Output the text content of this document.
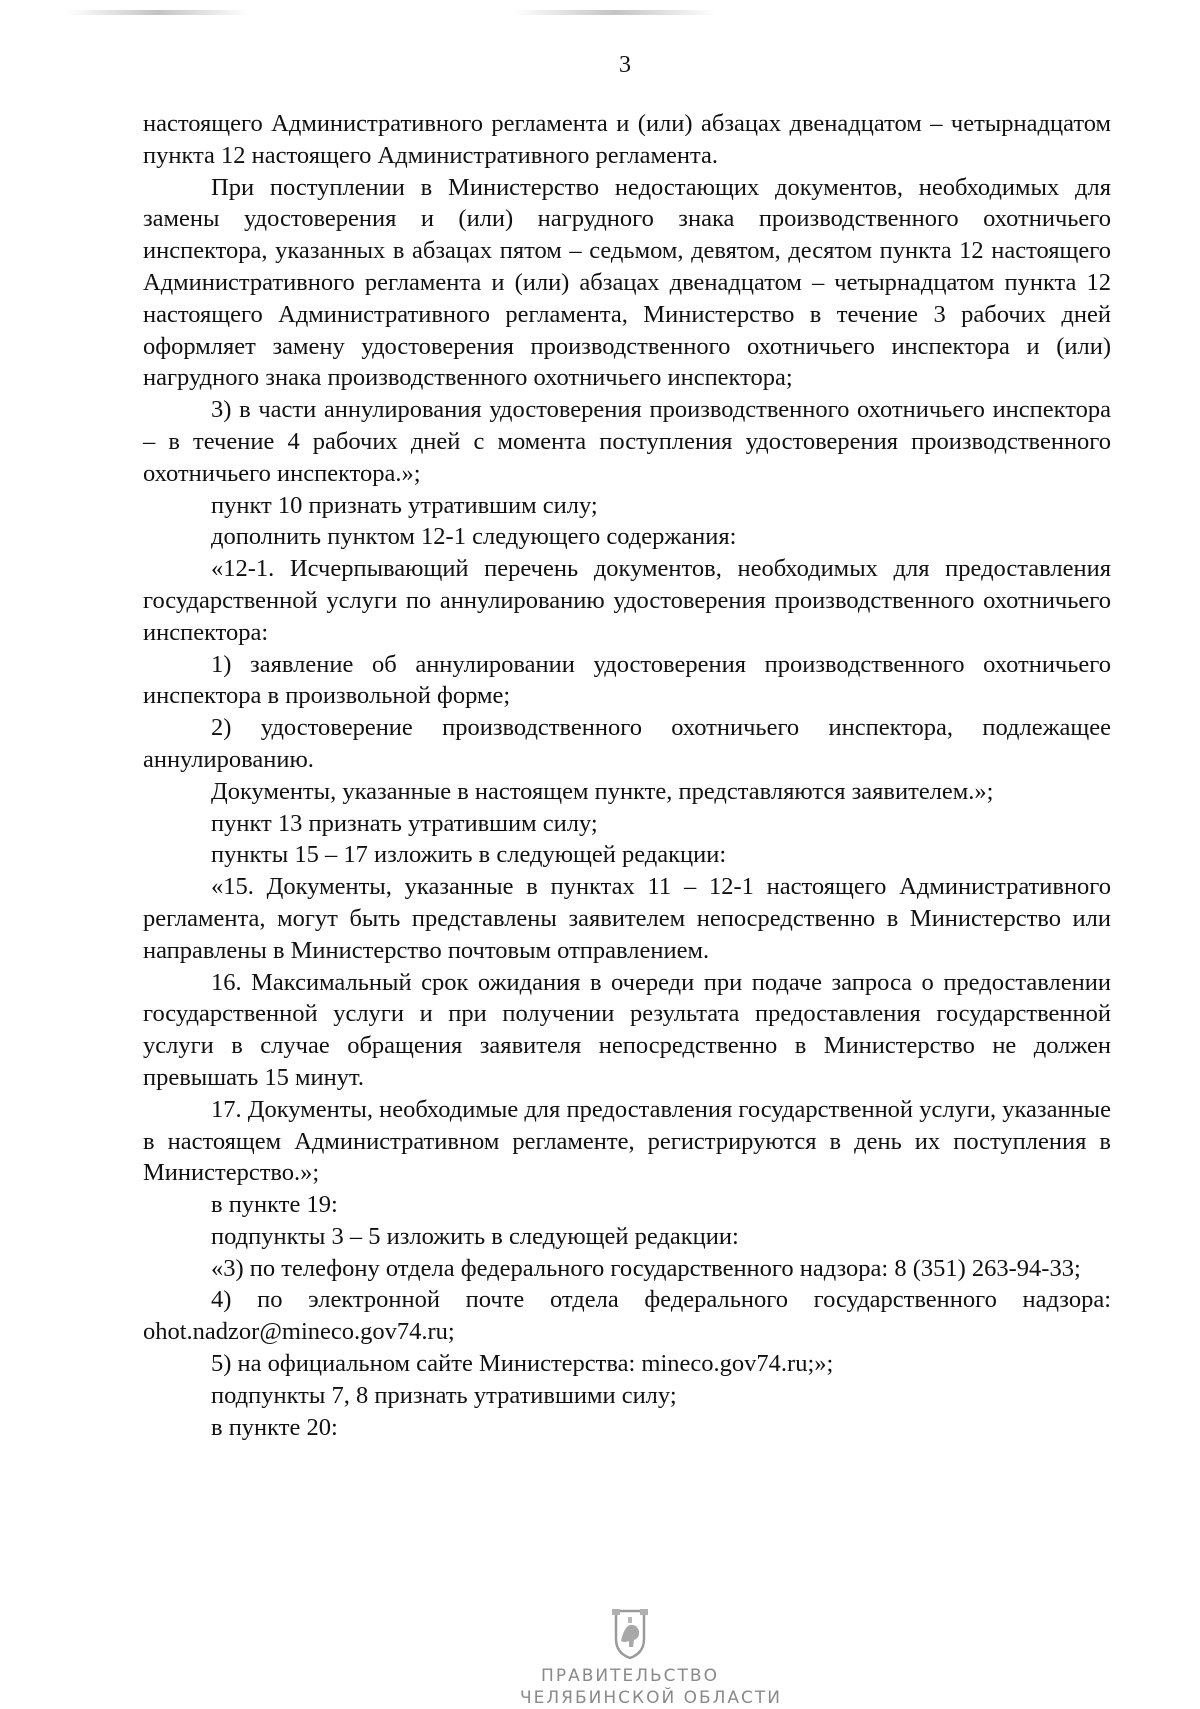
3

настоящего Административного регламента и (или) абзацах двенадцатом – четырнадцатом пункта 12 настоящего Административного регламента.

При поступлении в Министерство недостающих документов, необходимых для замены удостоверения и (или) нагрудного знака производственного охотничьего инспектора, указанных в абзацах пятом – седьмом, девятом, десятом пункта 12 настоящего Административного регламента и (или) абзацах двенадцатом – четырнадцатом пункта 12 настоящего Административного регламента, Министерство в течение 3 рабочих дней оформляет замену удостоверения производственного охотничьего инспектора и (или) нагрудного знака производственного охотничьего инспектора;

3) в части аннулирования удостоверения производственного охотничьего инспектора – в течение 4 рабочих дней с момента поступления удостоверения производственного охотничьего инспектора.»;

пункт 10 признать утратившим силу;

дополнить пунктом 12-1 следующего содержания:

«12-1. Исчерпывающий перечень документов, необходимых для предоставления государственной услуги по аннулированию удостоверения производственного охотничьего инспектора:

1) заявление об аннулировании удостоверения производственного охотничьего инспектора в произвольной форме;

2) удостоверение производственного охотничьего инспектора, подлежащее аннулированию.

Документы, указанные в настоящем пункте, представляются заявителем.»;

пункт 13 признать утратившим силу;

пункты 15 – 17 изложить в следующей редакции:

«15. Документы, указанные в пунктах 11 – 12-1 настоящего Административного регламента, могут быть представлены заявителем непосредственно в Министерство или направлены в Министерство почтовым отправлением.

16. Максимальный срок ожидания в очереди при подаче запроса о предоставлении государственной услуги и при получении результата предоставления государственной услуги в случае обращения заявителя непосредственно в Министерство не должен превышать 15 минут.

17. Документы, необходимые для предоставления государственной услуги, указанные в настоящем Административном регламенте, регистрируются в день их поступления в Министерство.»;

в пункте 19:

подпункты 3 – 5 изложить в следующей редакции:

«3) по телефону отдела федерального государственного надзора: 8 (351) 263-94-33;

4) по электронной почте отдела федерального государственного надзора: ohot.nadzor@mineco.gov74.ru;

5) на официальном сайте Министерства: mineco.gov74.ru;»;

подпункты 7, 8 признать утратившими силу;

в пункте 20:

ПРАВИТЕЛЬСТВО
ЧЕЛЯБИНСКОЙ ОБЛАСТИ
